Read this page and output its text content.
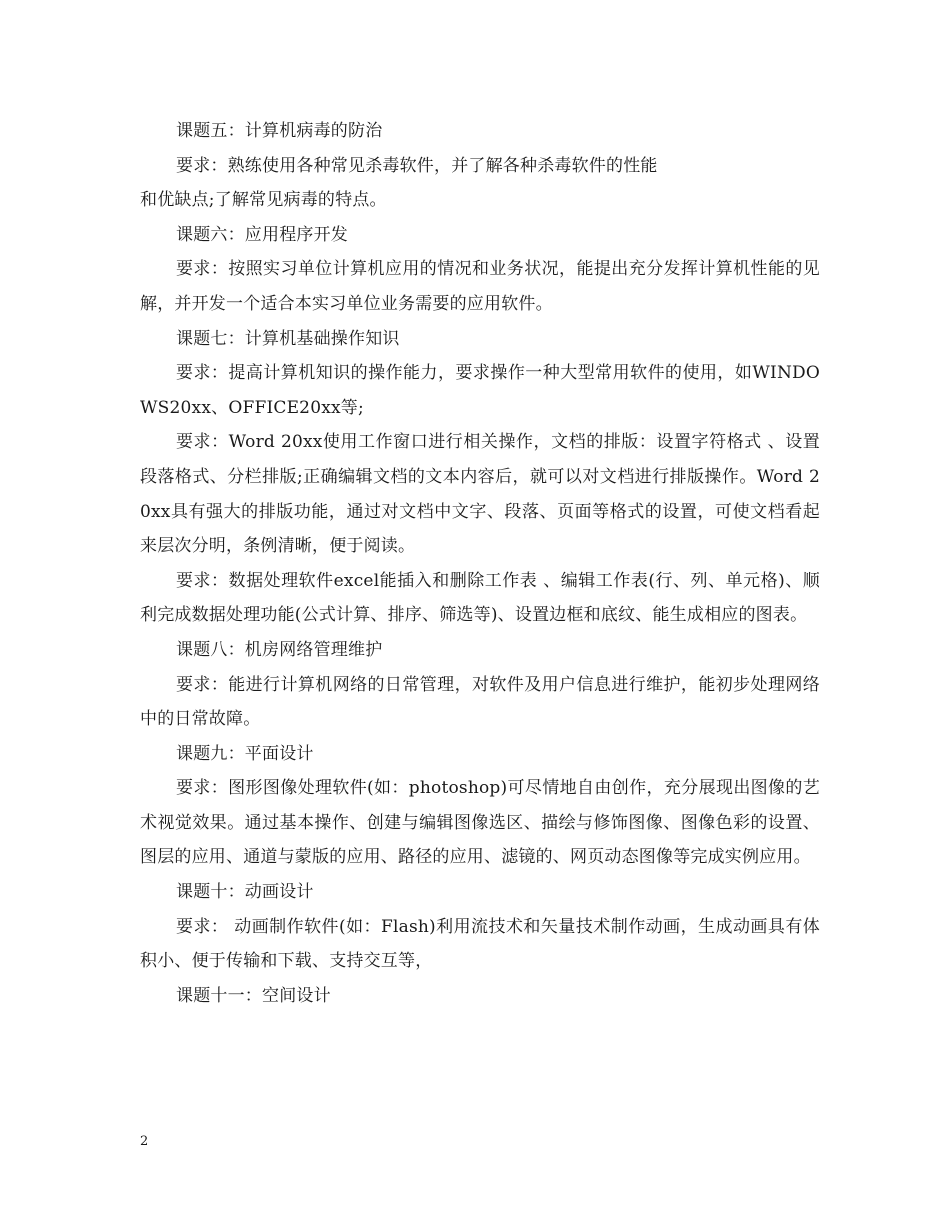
课题五：计算机病毒的防治

要求：熟练使用各种常见杀毒软件，并了解各种杀毒软件的性能

和优缺点;了解常见病毒的特点。

课题六：应用程序开发

要求：按照实习单位计算机应用的情况和业务状况，能提出充分发挥计算机性能的见解，并开发一个适合本实习单位业务需要的应用软件。

课题七：计算机基础操作知识

要求：提高计算机知识的操作能力，要求操作一种大型常用软件的使用，如WINDOWS20xx、OFFICE20xx等;

要求：Word 20xx使用工作窗口进行相关操作，文档的排版：设置字符格式 、设置段落格式、分栏排版;正确编辑文档的文本内容后，就可以对文档进行排版操作。Word 20xx具有强大的排版功能，通过对文档中文字、段落、页面等格式的设置，可使文档看起来层次分明，条例清晰，便于阅读。

要求：数据处理软件excel能插入和删除工作表 、编辑工作表(行、列、单元格)、顺利完成数据处理功能(公式计算、排序、筛选等)、设置边框和底纹、能生成相应的图表。

课题八：机房网络管理维护

要求：能进行计算机网络的日常管理，对软件及用户信息进行维护，能初步处理网络中的日常故障。

课题九：平面设计

要求：图形图像处理软件(如：photoshop)可尽情地自由创作，充分展现出图像的艺术视觉效果。通过基本操作、创建与编辑图像选区、描绘与修饰图像、图像色彩的设置、图层的应用、通道与蒙版的应用、路径的应用、滤镜的、网页动态图像等完成实例应用。

课题十：动画设计

要求： 动画制作软件(如：Flash)利用流技术和矢量技术制作动画，生成动画具有体积小、便于传输和下载、支持交互等，

课题十一：空间设计

2
